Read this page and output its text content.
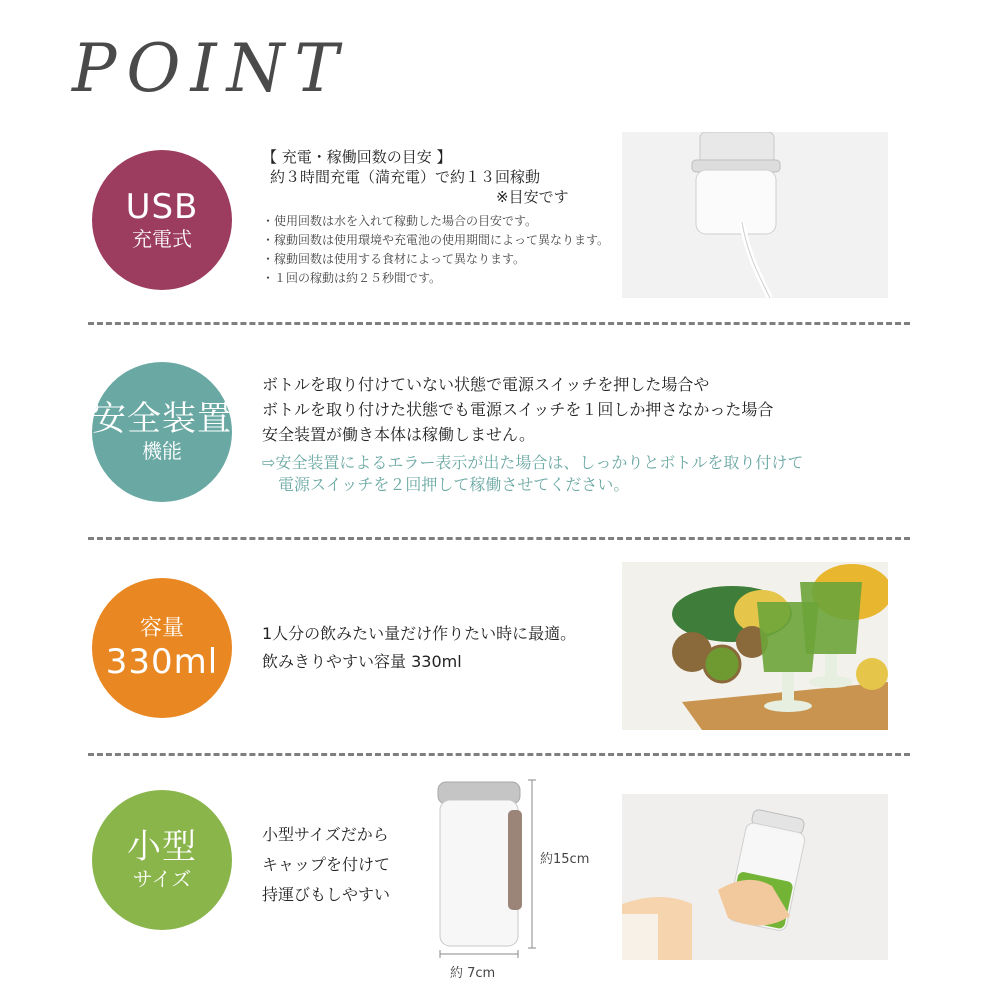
POINT
USB
充電式
【 充電・稼働回数の目安 】
約３時間充電（満充電）で約１３回稼動
※目安です
・使用回数は水を入れて稼動した場合の目安です。
・稼動回数は使用環境や充電池の使用期間によって異なります。
・稼動回数は使用する食材によって異なります。
・１回の稼動は約２５秒間です。
安全装置
機能
ボトルを取り付けていない状態で電源スイッチを押した場合や
ボトルを取り付けた状態でも電源スイッチを１回しか押さなかった場合
安全装置が働き本体は稼働しません。
⇨安全装置によるエラー表示が出た場合は、しっかりとボトルを取り付けて
　電源スイッチを２回押して稼働させてください。
容量
330ml
1人分の飲みたい量だけ作りたい時に最適。
飲みきりやすい容量 330ml
小型
サイズ
小型サイズだから
キャップを付けて
持運びもしやすい
約15cm
約 7cm
